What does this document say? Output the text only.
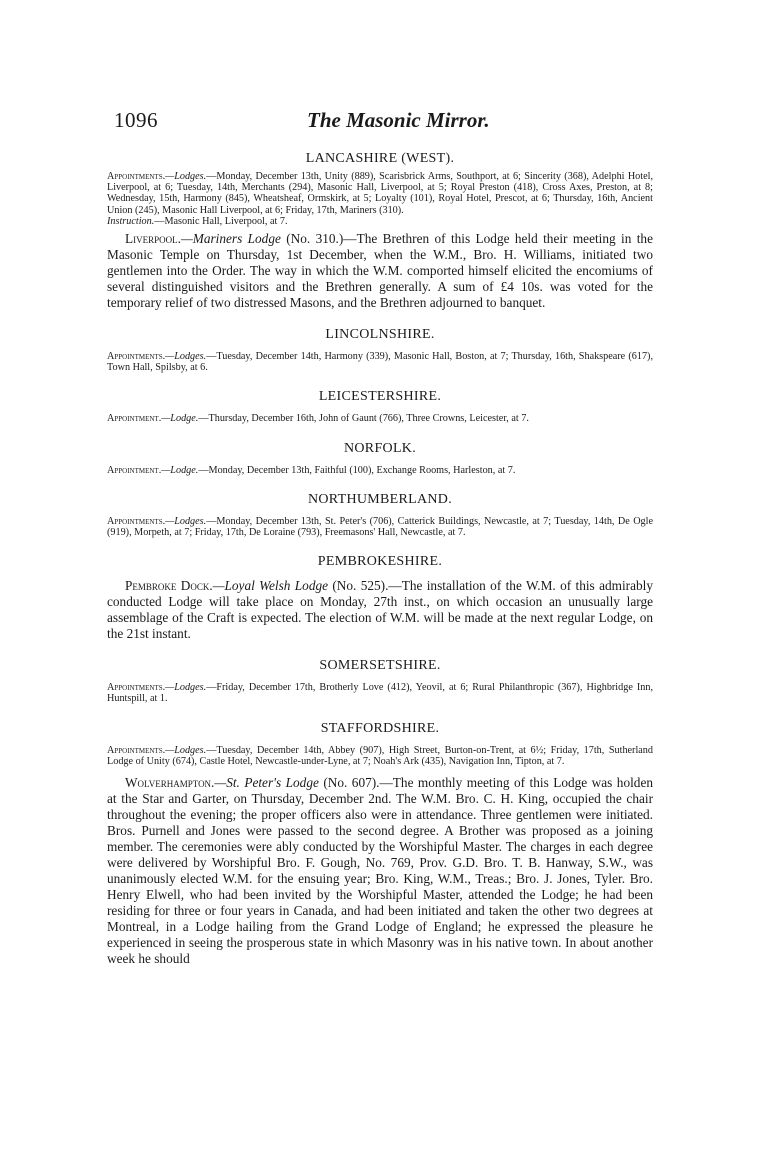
1096	The Masonic Mirror.

LANCASHIRE (WEST).

Appointments.—Lodges.—Monday, December 13th, Unity (889), Scarisbrick Arms, Southport, at 6; Sincerity (368), Adelphi Hotel, Liverpool, at 6; Tuesday, 14th, Merchants (294), Masonic Hall, Liverpool, at 5; Royal Preston (418), Cross Axes, Preston, at 8; Wednesday, 15th, Harmony (845), Wheatsheaf, Ormskirk, at 5; Loyalty (101), Royal Hotel, Prescot, at 6; Thursday, 16th, Ancient Union (245), Masonic Hall Liverpool, at 6; Friday, 17th, Mariners (310).

Instruction.—Masonic Hall, Liverpool, at 7.

Liverpool.—Mariners Lodge (No. 310.)—The Brethren of this Lodge held their meeting in the Masonic Temple on Thursday, 1st December, when the W.M., Bro. H. Williams, initiated two gentlemen into the Order. The way in which the W.M. comported himself elicited the encomiums of several distinguished visitors and the Brethren generally. A sum of £4 10s. was voted for the temporary relief of two distressed Masons, and the Brethren adjourned to banquet.

LINCOLNSHIRE.

Appointments.—Lodges.—Tuesday, December 14th, Harmony (339), Masonic Hall, Boston, at 7; Thursday, 16th, Shakspeare (617), Town Hall, Spilsby, at 6.

LEICESTERSHIRE.

Appointment.—Lodge.—Thursday, December 16th, John of Gaunt (766), Three Crowns, Leicester, at 7.

NORFOLK.

Appointment.—Lodge.—Monday, December 13th, Faithful (100), Exchange Rooms, Harleston, at 7.

NORTHUMBERLAND.

Appointments.—Lodges.—Monday, December 13th, St. Peter's (706), Catterick Buildings, Newcastle, at 7; Tuesday, 14th, De Ogle (919), Morpeth, at 7; Friday, 17th, De Loraine (793), Freemasons' Hall, Newcastle, at 7.

PEMBROKESHIRE.

Pembroke Dock.—Loyal Welsh Lodge (No. 525).—The installation of the W.M. of this admirably conducted Lodge will take place on Monday, 27th inst., on which occasion an unusually large assemblage of the Craft is expected. The election of W.M. will be made at the next regular Lodge, on the 21st instant.

SOMERSETSHIRE.

Appointments.—Lodges.—Friday, December 17th, Brotherly Love (412), Yeovil, at 6; Rural Philanthropic (367), Highbridge Inn, Huntspill, at 1.

STAFFORDSHIRE.

Appointments.—Lodges.—Tuesday, December 14th, Abbey (907), High Street, Burton-on-Trent, at 6½; Friday, 17th, Sutherland Lodge of Unity (674), Castle Hotel, Newcastle-under-Lyne, at 7; Noah's Ark (435), Navigation Inn, Tipton, at 7.

Wolverhampton.—St. Peter's Lodge (No. 607).—The monthly meeting of this Lodge was holden at the Star and Garter, on Thursday, December 2nd. The W.M. Bro. C. H. King, occupied the chair throughout the evening; the proper officers also were in attendance. Three gentlemen were initiated. Bros. Purnell and Jones were passed to the second degree. A Brother was proposed as a joining member. The ceremonies were ably conducted by the Worshipful Master. The charges in each degree were delivered by Worshipful Bro. F. Gough, No. 769, Prov. G.D. Bro. T. B. Hanway, S.W., was unanimously elected W.M. for the ensuing year; Bro. King, W.M., Treas.; Bro. J. Jones, Tyler. Bro. Henry Elwell, who had been invited by the Worshipful Master, attended the Lodge; he had been residing for three or four years in Canada, and had been initiated and taken the other two degrees at Montreal, in a Lodge hailing from the Grand Lodge of England; he expressed the pleasure he experienced in seeing the prosperous state in which Masonry was in his native town. In about another week he should
